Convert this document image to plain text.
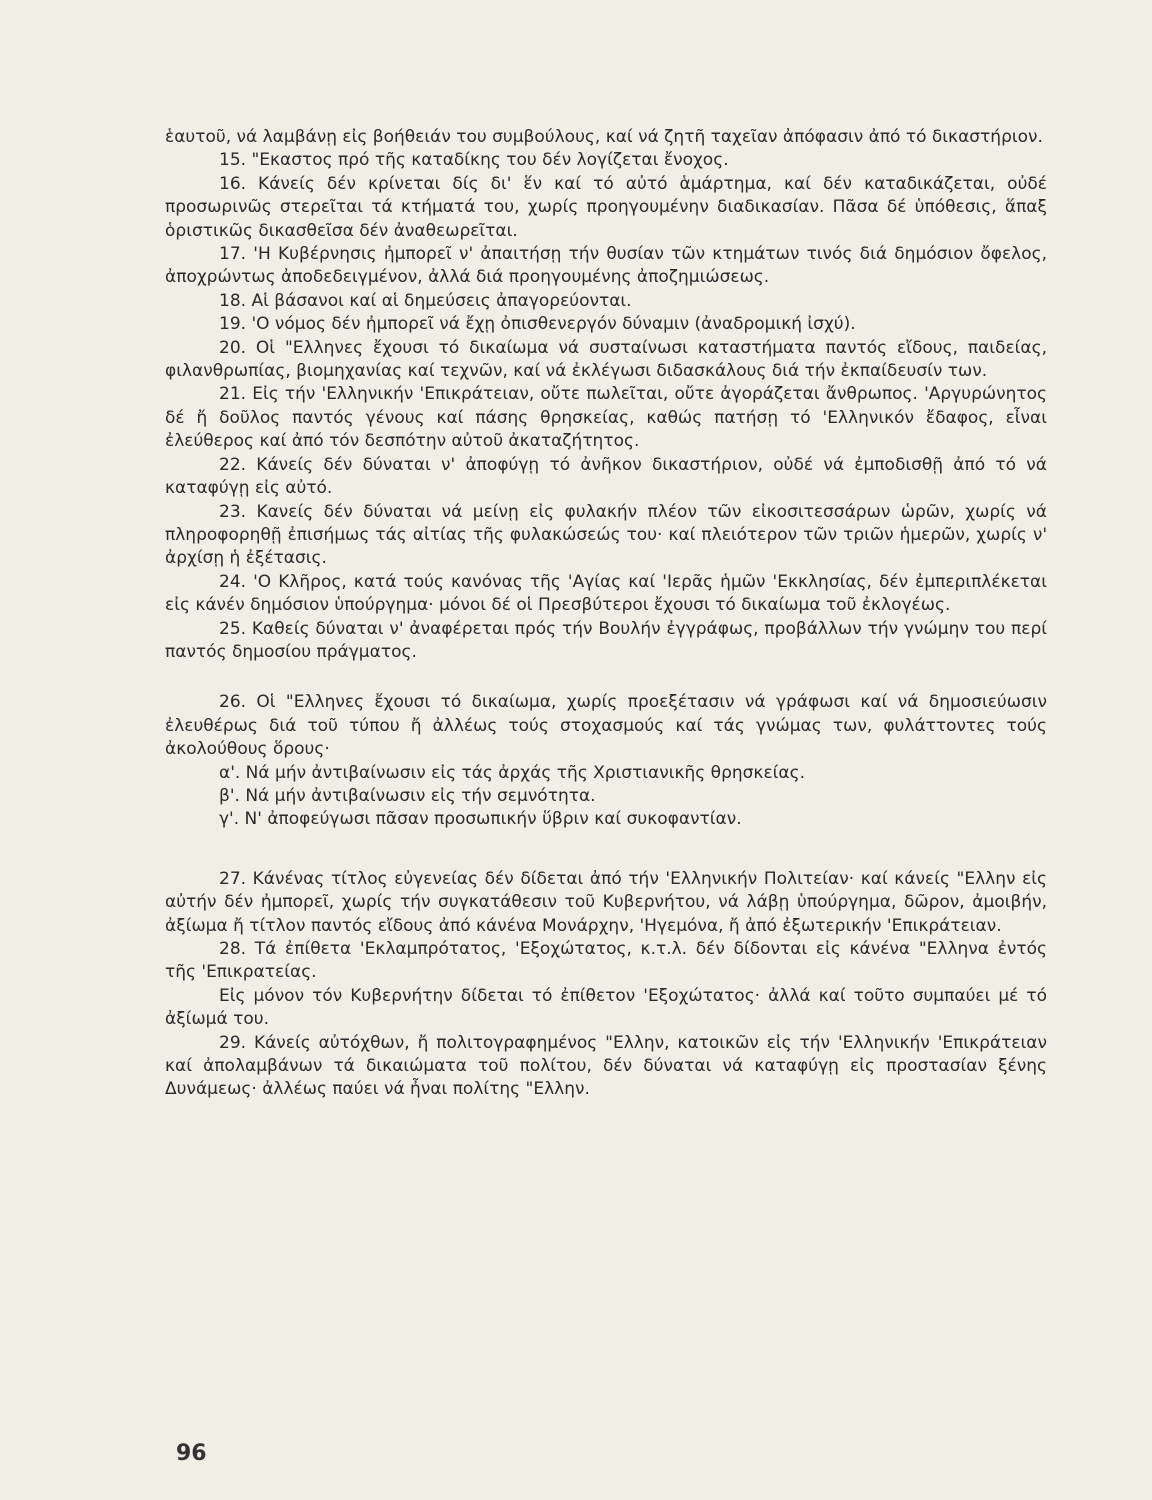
ἑαυτοῦ, νά λαμβάνῃ εἰς βοήθειάν του συμβούλους, καί νά ζητῆ ταχεῖαν ἀπόφασιν ἀπό τό δικαστήριον.

15. "Εκαστος πρό τῆς καταδίκης του δέν λογίζεται ἔνοχος.

16. Κάνείς δέν κρίνεται δίς δι' ἕν καί τό αὐτό ἁμάρτημα, καί δέν καταδικάζεται, οὐδέ προσωρινῶς στερεῖται τά κτήματά του, χωρίς προηγουμένην διαδικασίαν. Πᾶσα δέ ὑπόθεσις, ἅπαξ ὁριστικῶς δικασθεῖσα δέν ἀναθεωρεῖται.

17. 'Η Κυβέρνησις ἠμπορεῖ ν' ἀπαιτήσῃ τήν θυσίαν τῶν κτημάτων τινός διά δημόσιον ὄφελος, ἀποχρώντως ἀποδεδειγμένον, ἀλλά διά προηγουμένης ἀποζημιώσεως.

18. Αἱ βάσανοι καί αἱ δημεύσεις ἀπαγορεύονται.

19. 'Ο νόμος δέν ἠμπορεῖ νά ἔχῃ ὀπισθενεργόν δύναμιν (ἀναδρομική ἰσχύ).

20. Οἱ "Ελληνες ἔχουσι τό δικαίωμα νά συσταίνωσι καταστήματα παντός εἴδους, παιδείας, φιλανθρωπίας, βιομηχανίας καί τεχνῶν, καί νά ἐκλέγωσι διδασκάλους διά τήν ἐκπαίδευσίν των.

21. Εἰς τήν 'Ελληνικήν 'Επικράτειαν, οὔτε πωλεῖται, οὔτε ἀγοράζεται ἄνθρωπος. 'Αργυρώνητος δέ ἤ δοῦλος παντός γένους καί πάσης θρησκείας, καθώς πατήσῃ τό 'Ελληνικόν ἔδαφος, εἶναι ἐλεύθερος καί ἀπό τόν δεσπότην αὐτοῦ ἀκαταζήτητος.

22. Κάνείς δέν δύναται ν' ἀποφύγῃ τό ἀνῆκον δικαστήριον, οὐδέ νά ἐμποδισθῇ ἀπό τό νά καταφύγῃ εἰς αὐτό.

23. Κανείς δέν δύναται νά μείνῃ εἰς φυλακήν πλέον τῶν εἰκοσιτεσσάρων ὡρῶν, χωρίς νά πληροφορηθῇ ἐπισήμως τάς αἰτίας τῆς φυλακώσεώς του· καί πλειότερον τῶν τριῶν ἡμερῶν, χωρίς ν' ἀρχίσῃ ἡ ἐξέτασις.

24. 'Ο Κλῆρος, κατά τούς κανόνας τῆς 'Αγίας καί 'Ιερᾶς ἡμῶν 'Εκκλησίας, δέν ἐμπεριπλέκεται εἰς κάνέν δημόσιον ὑπούργημα· μόνοι δέ οἱ Πρεσβύτεροι ἔχουσι τό δικαίωμα τοῦ ἐκλογέως.

25. Καθείς δύναται ν' ἀναφέρεται πρός τήν Βουλήν ἐγγράφως, προβάλλων τήν γνώμην του περί παντός δημοσίου πράγματος.

26. Οἱ "Ελληνες ἔχουσι τό δικαίωμα, χωρίς προεξέτασιν νά γράφωσι καί νά δημοσιεύωσιν ἐλευθέρως διά τοῦ τύπου ἤ ἀλλέως τούς στοχασμούς καί τάς γνώμας των, φυλάττοντες τούς ἀκολούθους ὅρους·

α'. Νά μήν ἀντιβαίνωσιν εἰς τάς ἀρχάς τῆς Χριστιανικῆς θρησκείας.

β'. Νά μήν ἀντιβαίνωσιν εἰς τήν σεμνότητα.

γ'. Ν' ἀποφεύγωσι πᾶσαν προσωπικήν ὕβριν καί συκοφαντίαν.

27. Κάνένας τίτλος εὐγενείας δέν δίδεται ἀπό τήν 'Ελληνικήν Πολιτείαν· καί κάνείς "Ελλην εἰς αὐτήν δέν ἠμπορεῖ, χωρίς τήν συγκατάθεσιν τοῦ Κυβερνήτου, νά λάβῃ ὑπούργημα, δῶρον, ἀμοιβήν, ἀξίωμα ἤ τίτλον παντός εἴδους ἀπό κάνένα Μονάρχην, 'Ηγεμόνα, ἤ ἀπό ἐξωτερικήν 'Επικράτειαν.

28. Τά ἐπίθετα 'Εκλαμπρότατος, 'Εξοχώτατος, κ.τ.λ. δέν δίδονται εἰς κάνένα "Ελληνα ἐντός τῆς 'Επικρατείας.

Εἰς μόνον τόν Κυβερνήτην δίδεται τό ἐπίθετον 'Εξοχώτατος· ἀλλά καί τοῦτο συμπαύει μέ τό ἀξίωμά του.

29. Κάνείς αὐτόχθων, ἤ πολιτογραφημένος "Ελλην, κατοικῶν εἰς τήν 'Ελληνικήν 'Επικράτειαν καί ἀπολαμβάνων τά δικαιώματα τοῦ πολίτου, δέν δύναται νά καταφύγῃ εἰς προστασίαν ξένης Δυνάμεως· ἀλλέως παύει νά ἦναι πολίτης "Ελλην.

96
